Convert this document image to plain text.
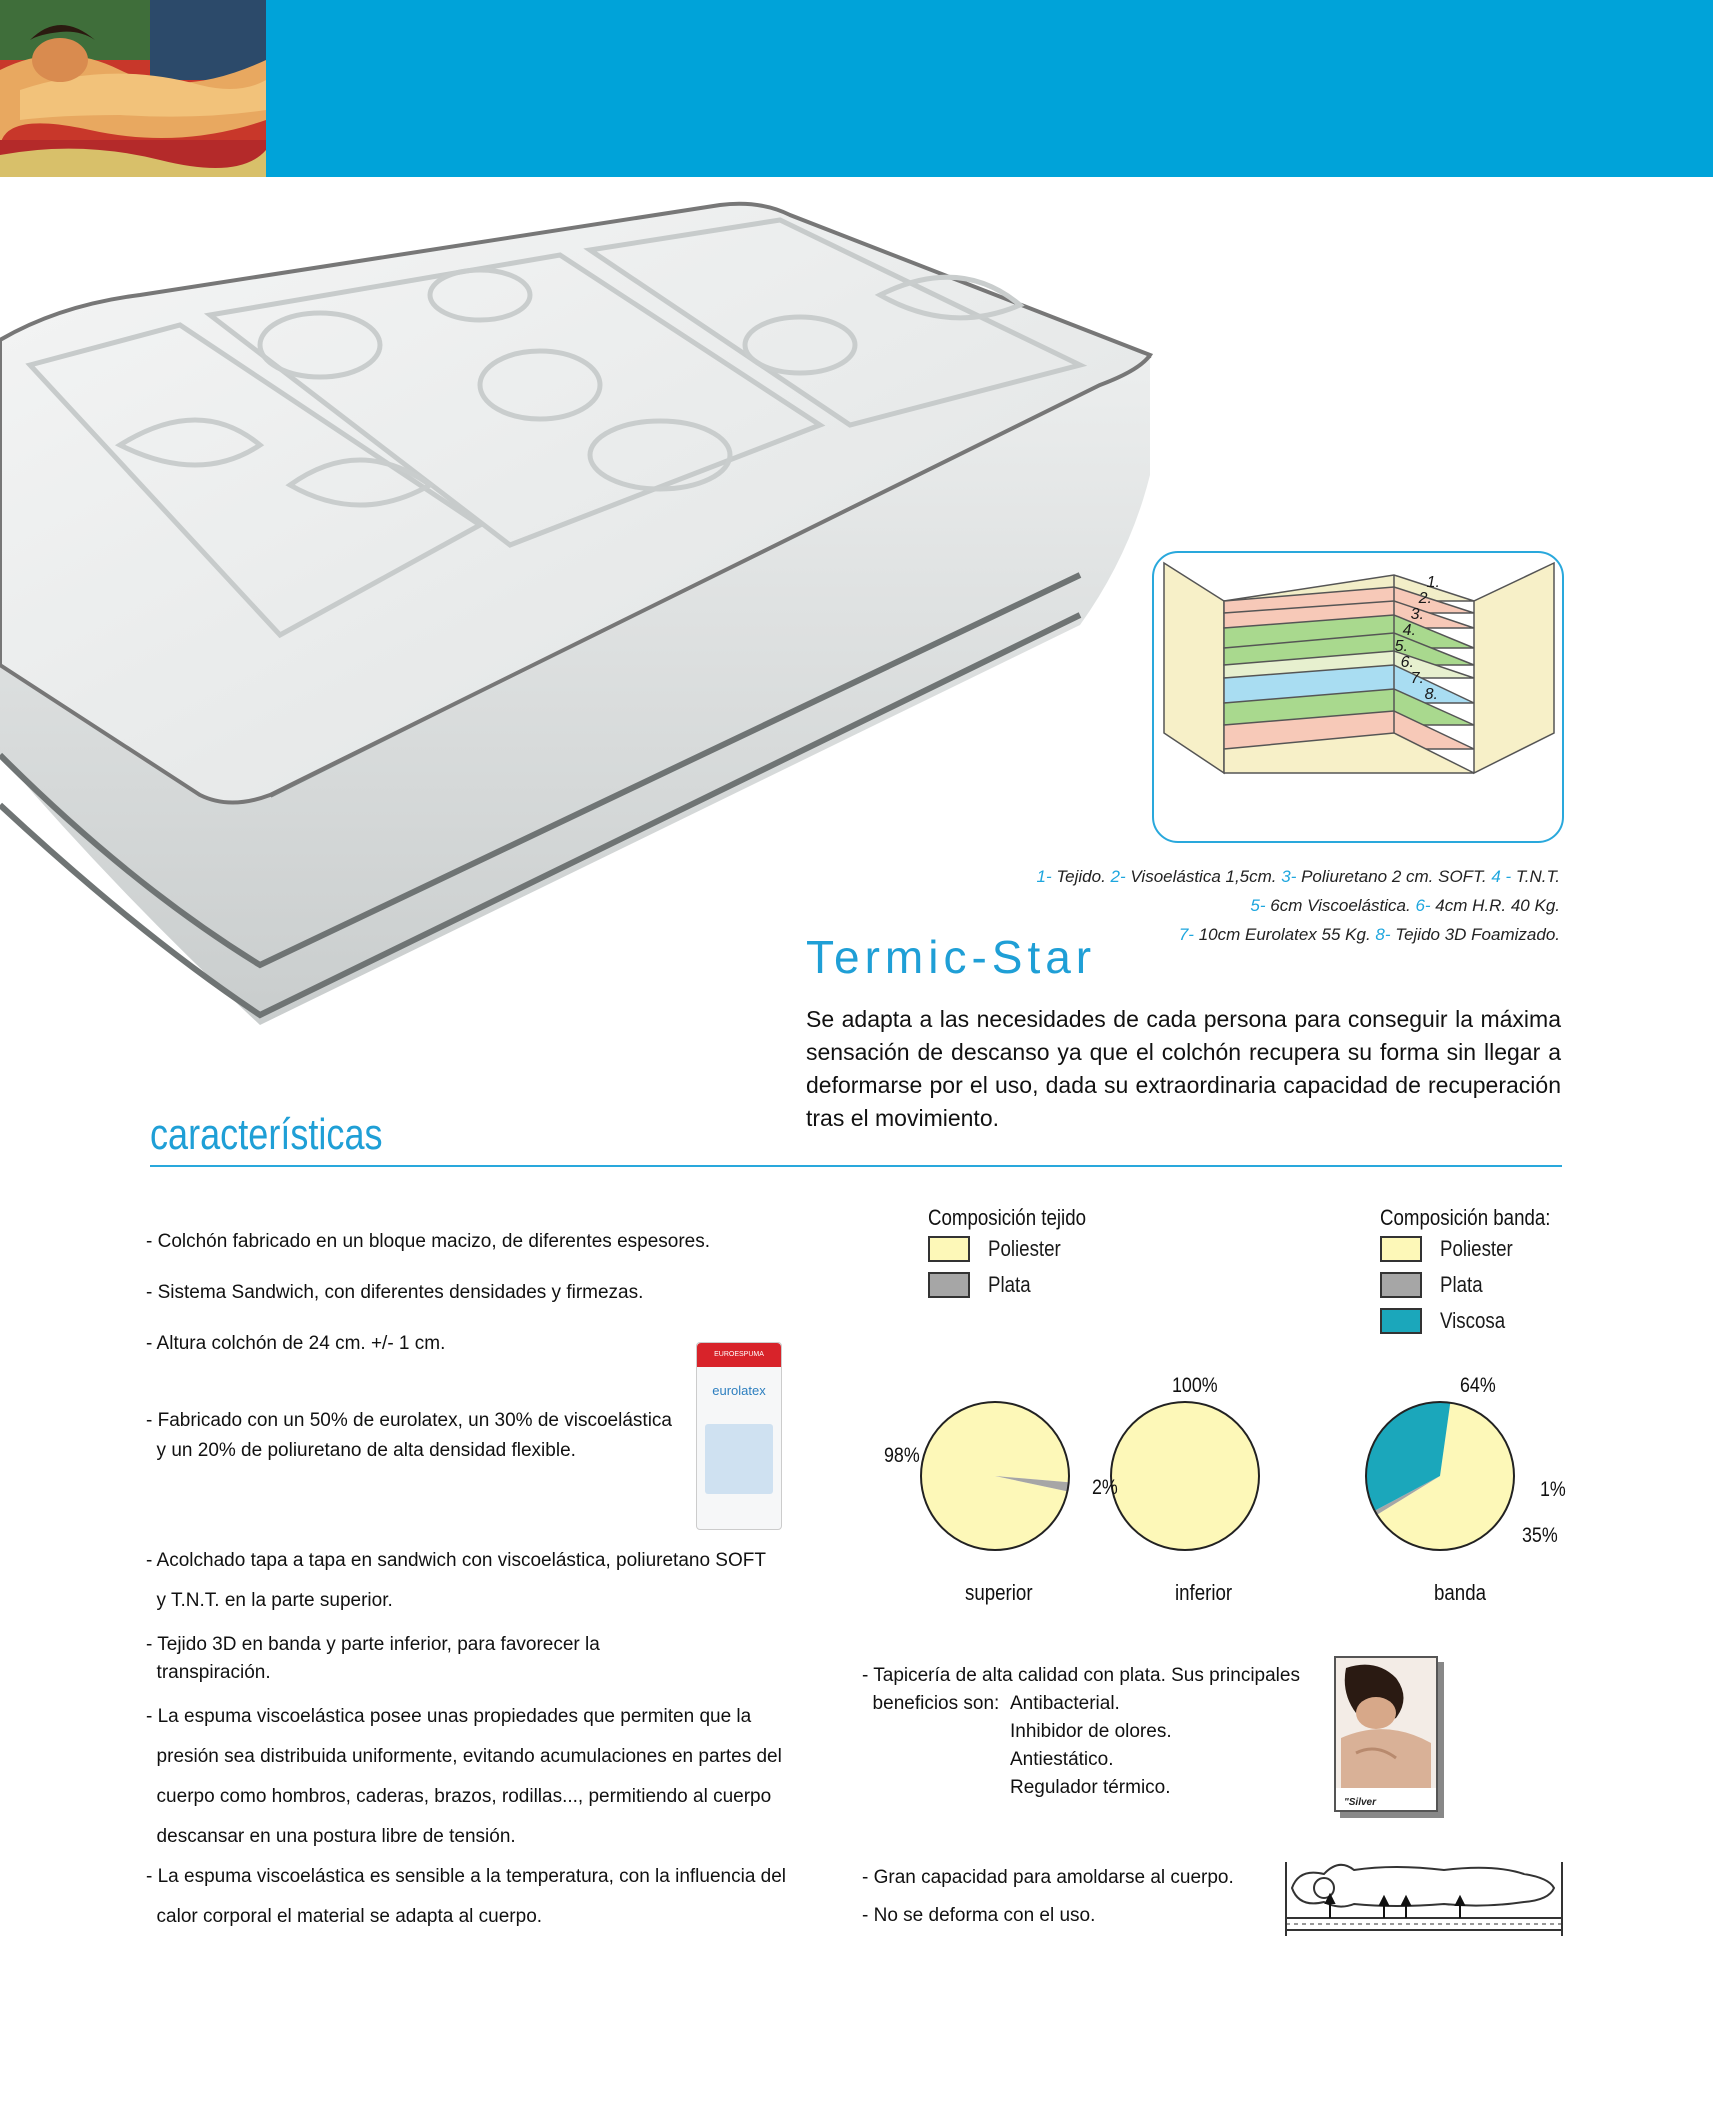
1.
2.
3.
4.
5.
6.
7.
8.
1- Tejido. 2- Visoelástica 1,5cm. 3- Poliuretano 2 cm. SOFT. 4 - T.N.T.
5- 6cm Viscoelástica. 6- 4cm H.R. 40 Kg.
7- 10cm Eurolatex 55 Kg. 8- Tejido 3D Foamizado.
Termic-Star
Se adapta a las necesidades de cada persona para conseguir la máxima sensación de descanso ya que el colchón recupera su forma sin llegar a deformarse por el uso, dada su extraordinaria capacidad de recuperación tras el movimiento.
características
- Colchón fabricado en un bloque macizo, de diferentes espesores.
- Sistema Sandwich, con diferentes densidades y firmezas.
- Altura colchón de 24 cm. +/- 1 cm.
- Fabricado con un 50% de eurolatex, un 30% de viscoelástica
y un 20% de poliuretano de alta densidad flexible.
- Acolchado tapa a tapa en sandwich con viscoelástica, poliuretano SOFT
y T.N.T. en la parte superior.
- Tejido 3D en banda y parte inferior, para favorecer la
transpiración.
- La espuma viscoelástica posee unas propiedades que permiten que la
presión sea distribuida uniformente, evitando acumulaciones en partes del
cuerpo como hombros, caderas, brazos, rodillas..., permitiendo al cuerpo
descansar en una postura libre de tensión.
- La espuma viscoelástica es sensible a la temperatura, con la influencia del
calor corporal el material se adapta al cuerpo.
EUROESPUMA
eurolatex
Composición tejido
Poliester
Plata
Composición banda:
Poliester
Plata
Viscosa
98%
2%
100%	64%
1%
35%
superior	inferior	banda
- Tapicería de alta calidad con plata. Sus principales
beneficios son: Antibacterial.
Inhibidor de olores.
Antiestático.
Regulador térmico.
"Silver
- Gran capacidad para amoldarse al cuerpo.
- No se deforma con el uso.
